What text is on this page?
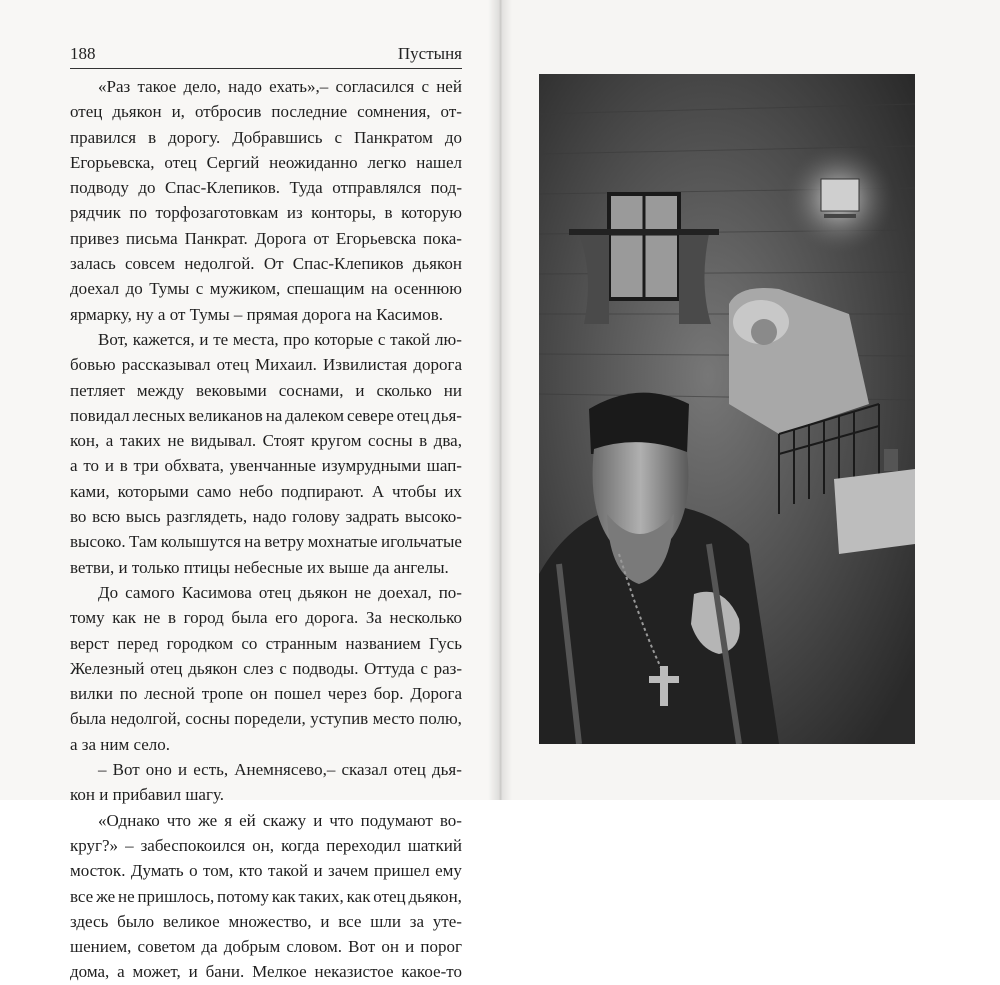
188	Пустыня
«Раз такое дело, надо ехать»,– согласился с ней
отец дьякон и, отбросив последние сомнения, от-
правился в дорогу. Добравшись с Панкратом до
Егорьевска, отец Сергий неожиданно легко нашел
подводу до Спас-Клепиков. Туда отправлялся под-
рядчик по торфозаготовкам из конторы, в которую
привез письма Панкрат. Дорога от Егорьевска пока-
залась совсем недолгой. От Спас-Клепиков дьякон
доехал до Тумы с мужиком, спешащим на осеннюю
ярмарку, ну а от Тумы – прямая дорога на Касимов.
Вот, кажется, и те места, про которые с такой лю-
бовью рассказывал отец Михаил. Извилистая дорога
петляет между вековыми соснами, и сколько ни
повидал лесных великанов на далеком севере отец дья-
кон, а таких не видывал. Стоят кругом сосны в два,
а то и в три обхвата, увенчанные изумрудными шап-
ками, которыми само небо подпирают. А чтобы их
во всю высь разглядеть, надо голову задрать высоко-
высоко. Там колышутся на ветру мохнатые игольчатые
ветви, и только птицы небесные их выше да ангелы.
До самого Касимова отец дьякон не доехал, по-
тому как не в город была его дорога. За несколько
верст перед городком со странным названием Гусь
Железный отец дьякон слез с подводы. Оттуда с раз-
вилки по лесной тропе он пошел через бор. Дорога
была недолгой, сосны поредели, уступив место полю,
а за ним село.
– Вот оно и есть, Анемнясево,– сказал отец дья-
кон и прибавил шагу.
«Однако что же я ей скажу и что подумают во-
круг?» – забеспокоился он, когда переходил шаткий
мосток. Думать о том, кто такой и зачем пришел ему
все же не пришлось, потому как таких, как отец дьякон,
здесь было великое множество, и все шли за уте-
шением, советом да добрым словом. Вот он и порог
дома, а может, и бани. Мелкое неказистое какое-то
